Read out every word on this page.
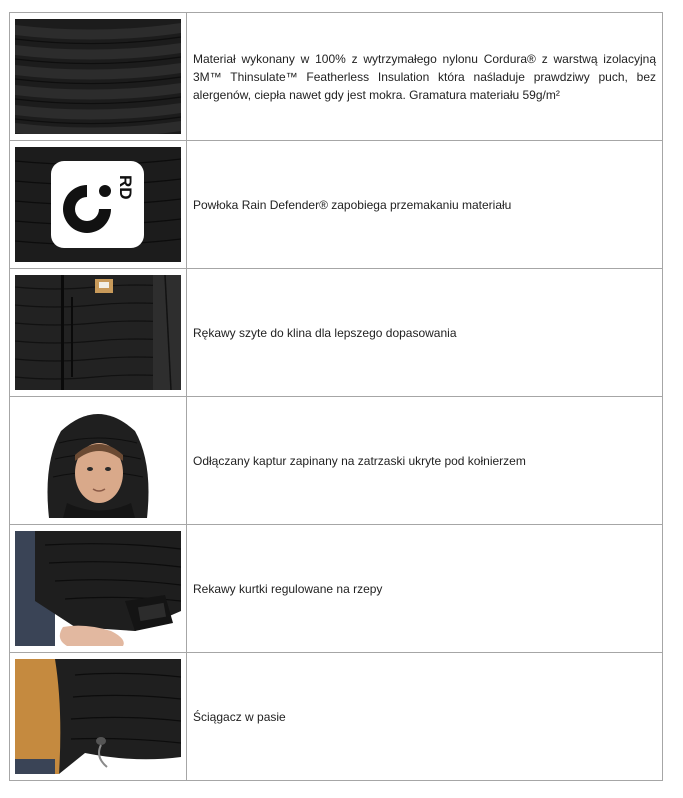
	Materiał wykonany w 100% z wytrzymałego nylonu Cordura® z warstwą izolacyjną 3M™ Thinsulate™ Featherless Insulation która naśladuje prawdziwy puch, bez alergenów, ciepła nawet gdy jest mokra. Gramatura materiału 59g/m²

RD	Powłoka Rain Defender® zapobiega przemakaniu materiału

	Rękawy szyte do klina dla lepszego dopasowania

	Odłączany kaptur zapinany na zatrzaski ukryte pod kołnierzem

	Rekawy kurtki regulowane na rzepy

	Ściągacz w pasie
